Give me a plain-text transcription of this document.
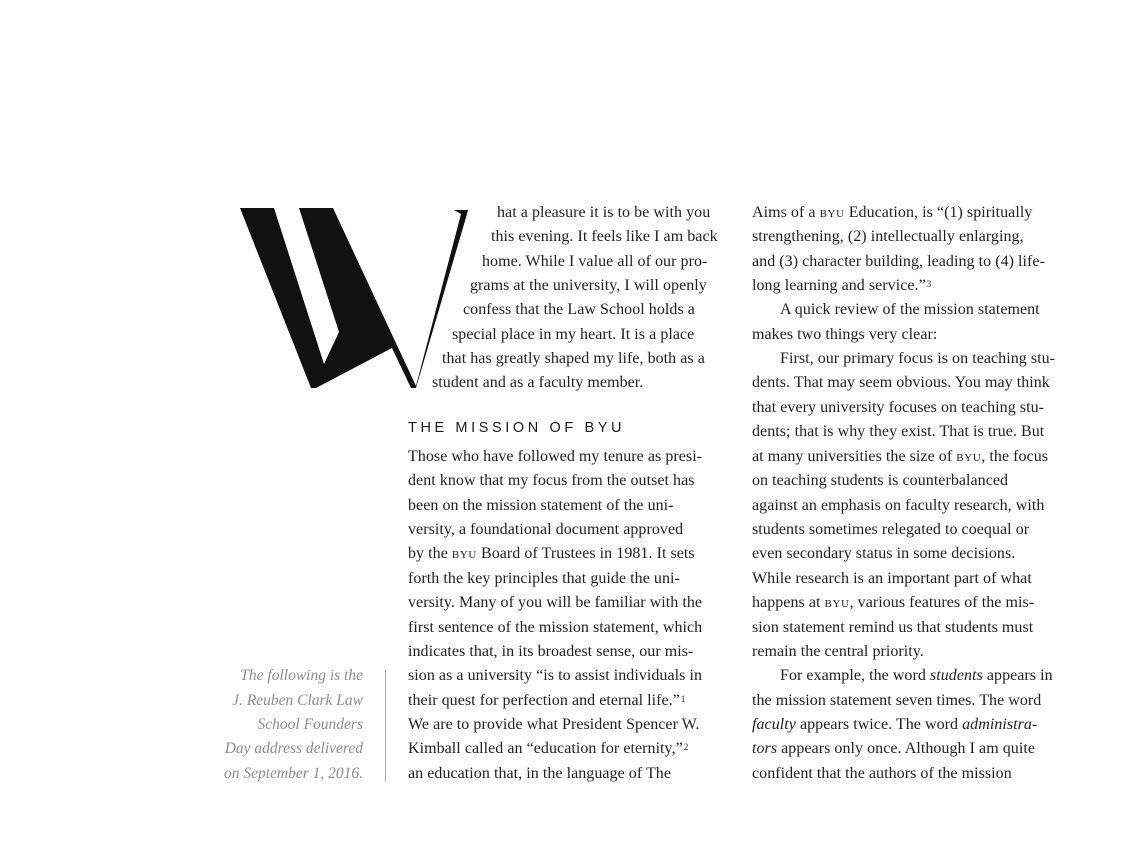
hat a pleasure it is to be with you
this evening. It feels like I am back
home. While I value all of our pro-
grams at the university, I will openly
confess that the Law School holds a
special place in my heart. It is a place
that has greatly shaped my life, both as a
student and as a faculty member.
THE MISSION OF BYU
Those who have followed my tenure as presi-
dent know that my focus from the outset has
been on the mission statement of the uni-
versity, a foundational document approved
by the byu Board of Trustees in 1981. It sets
forth the key principles that guide the uni-
versity. Many of you will be familiar with the
first sentence of the mission statement, which
indicates that, in its broadest sense, our mis-
sion as a university “is to assist individuals in
their quest for perfection and eternal life.”$^1$
We are to provide what President Spencer W.
Kimball called an “education for eternity,”$^2$
an education that, in the language of The
Aims of a byu Education, is “(1) spiritually
strengthening, (2) intellectually enlarging,
and (3) character building, leading to (4) life-
long learning and service.”$^3$
A quick review of the mission statement
makes two things very clear:
First, our primary focus is on teaching stu-
dents. That may seem obvious. You may think
that every university focuses on teaching stu-
dents; that is why they exist. That is true. But
at many universities the size of byu, the focus
on teaching students is counterbalanced
against an emphasis on faculty research, with
students sometimes relegated to coequal or
even secondary status in some decisions.
While research is an important part of what
happens at byu, various features of the mis-
sion statement remind us that students must
remain the central priority.
For example, the word students appears in
the mission statement seven times. The word
faculty appears twice. The word administra-
tors appears only once. Although I am quite
confident that the authors of the mission
The following is the
J. Reuben Clark Law
School Founders
Day address delivered
on September 1, 2016.
